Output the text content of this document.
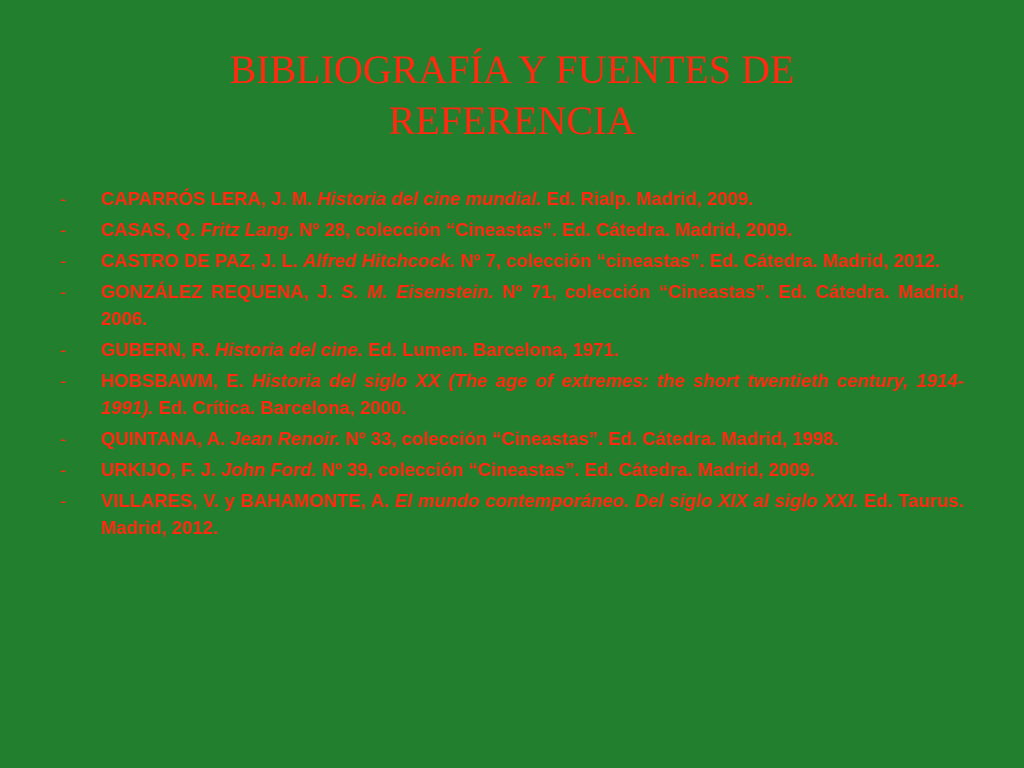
BIBLIOGRAFÍA Y FUENTES DE
REFERENCIA
- CAPARRÓS LERA, J. M. Historia del cine mundial. Ed. Rialp. Madrid, 2009.
- CASAS, Q. Fritz Lang. Nº 28, colección “Cineastas”. Ed. Cátedra. Madrid, 2009.
- CASTRO DE PAZ, J. L. Alfred Hitchcock. Nº 7, colección “cineastas”. Ed. Cátedra. Madrid, 2012.
- GONZÁLEZ REQUENA, J. S. M. Eisenstein. Nº 71, colección “Cineastas”. Ed. Cátedra. Madrid, 2006.
- GUBERN, R. Historia del cine. Ed. Lumen. Barcelona, 1971.
- HOBSBAWM, E. Historia del siglo XX (The age of extremes: the short twentieth century, 1914-1991). Ed. Crítica. Barcelona, 2000.
- QUINTANA, A. Jean Renoir. Nº 33, colección “Cineastas”. Ed. Cátedra. Madrid, 1998.
- URKIJO, F. J. John Ford. Nº 39, colección “Cineastas”. Ed. Cátedra. Madrid, 2009.
- VILLARES, V. y BAHAMONTE, A. El mundo contemporáneo. Del siglo XIX al siglo XXI. Ed. Taurus. Madrid, 2012.
